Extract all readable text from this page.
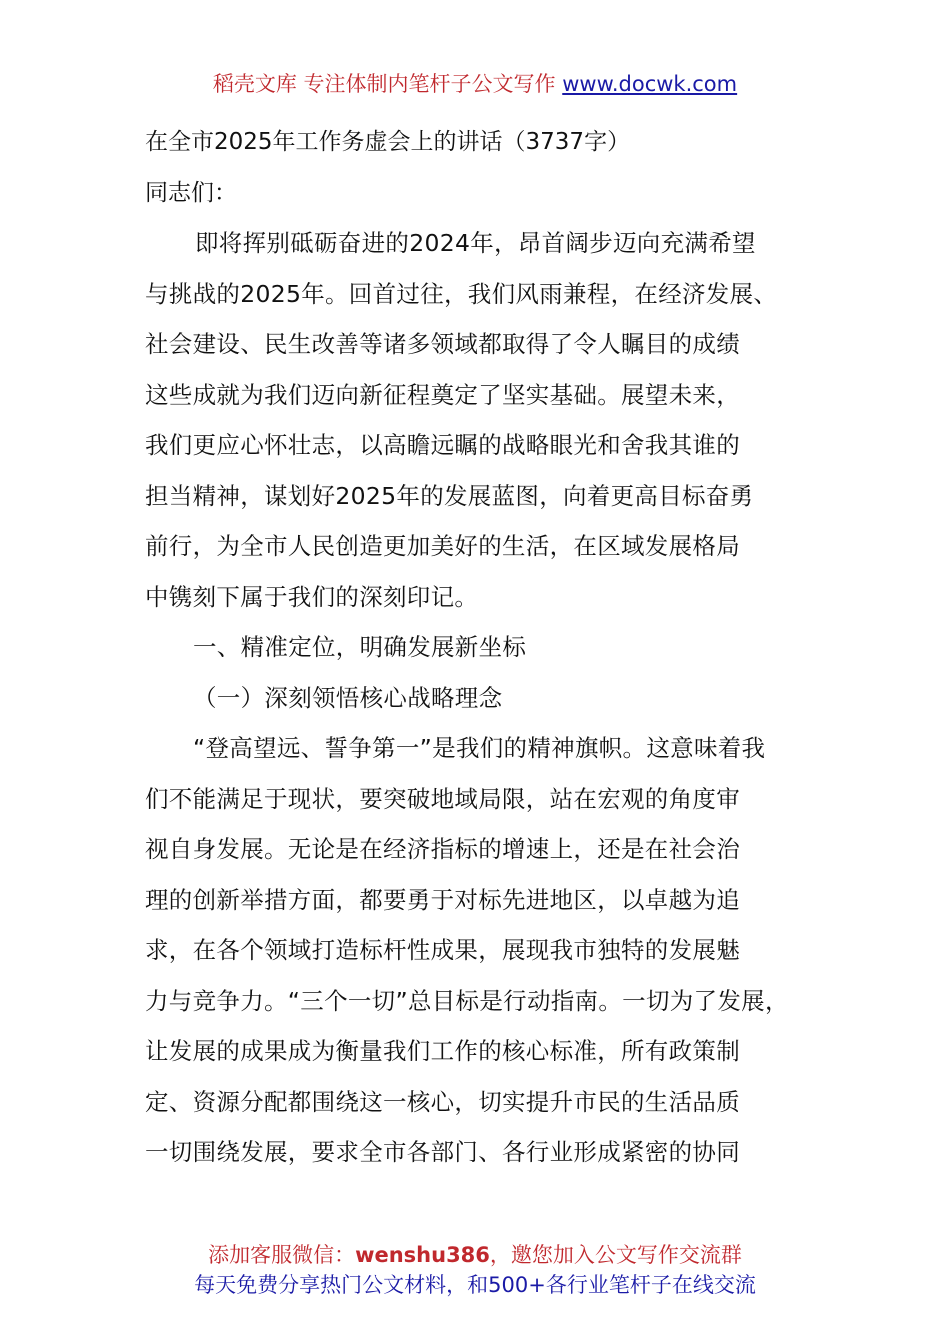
稻壳文库 专注体制内笔杆子公文写作 www.docwk.com
在全市2025年工作务虚会上的讲话（3737字）
同志们：
即将挥别砥砺奋进的2024年，昂首阔步迈向充满希望
与挑战的2025年。回首过往，我们风雨兼程，在经济发展、
社会建设、民生改善等诸多领域都取得了令人瞩目的成绩
这些成就为我们迈向新征程奠定了坚实基础。展望未来，
我们更应心怀壮志，以高瞻远瞩的战略眼光和舍我其谁的
担当精神，谋划好2025年的发展蓝图，向着更高目标奋勇
前行，为全市人民创造更加美好的生活，在区域发展格局
中镌刻下属于我们的深刻印记。
一、精准定位，明确发展新坐标
（一）深刻领悟核心战略理念
“登高望远、誓争第一”是我们的精神旗帜。这意味着我
们不能满足于现状，要突破地域局限，站在宏观的角度审
视自身发展。无论是在经济指标的增速上，还是在社会治
理的创新举措方面，都要勇于对标先进地区，以卓越为追
求，在各个领域打造标杆性成果，展现我市独特的发展魅
力与竞争力。“三个一切”总目标是行动指南。一切为了发展，
让发展的成果成为衡量我们工作的核心标准，所有政策制
定、资源分配都围绕这一核心，切实提升市民的生活品质
一切围绕发展，要求全市各部门、各行业形成紧密的协同
添加客服微信：wenshu386，邀您加入公文写作交流群
每天免费分享热门公文材料，和500+各行业笔杆子在线交流
